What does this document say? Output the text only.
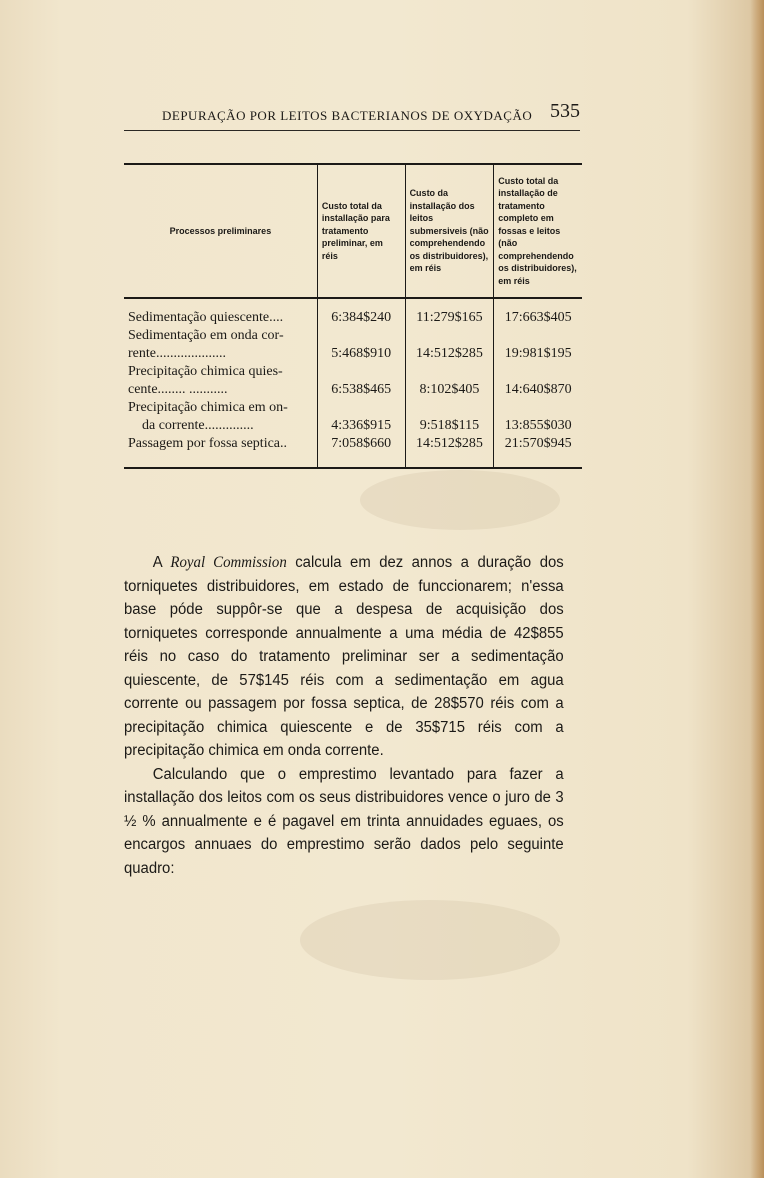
DEPURAÇÃO POR LEITOS BACTERIANOS DE OXYDAÇÃO 535
Processos preliminares	Custo total da installação para tratamento preliminar, em réis	Custo da installação dos leitos submersiveis (não comprehendendo os distribuidores), em réis	Custo total da installação de tratamento completo em fossas e leitos (não comprehendendo os distribuidores), em réis

Sedimentação quiescente....	6:384$240	11:279$165	17:663$405

Sedimentação em onda cor-
rente....................	5:468$910	14:512$285	19:981$195

Precipitação chimica quies-
cente........ ...........	6:538$465	8:102$405	14:640$870

Precipitação chimica em on-
da corrente..............	4:336$915	9:518$115	13:855$030

Passagem por fossa septica..	7:058$660	14:512$285	21:570$945

A Royal Commission calcula em dez annos a duração dos torniquetes distribuidores, em estado de funccionarem; n'essa base póde suppôr-se que a despesa de acquisição dos torniquetes corresponde annualmente a uma média de 42$855 réis no caso do tratamento preliminar ser a sedimentação quiescente, de 57$145 réis com a sedimentação em agua corrente ou passagem por fossa septica, de 28$570 réis com a precipitação chimica quiescente e de 35$715 réis com a precipitação chimica em onda corrente.

Calculando que o emprestimo levantado para fazer a installação dos leitos com os seus distribuidores vence o juro de 3 ½ % annualmente e é pagavel em trinta annuidades eguaes, os encargos annuaes do emprestimo serão dados pelo seguinte quadro:
